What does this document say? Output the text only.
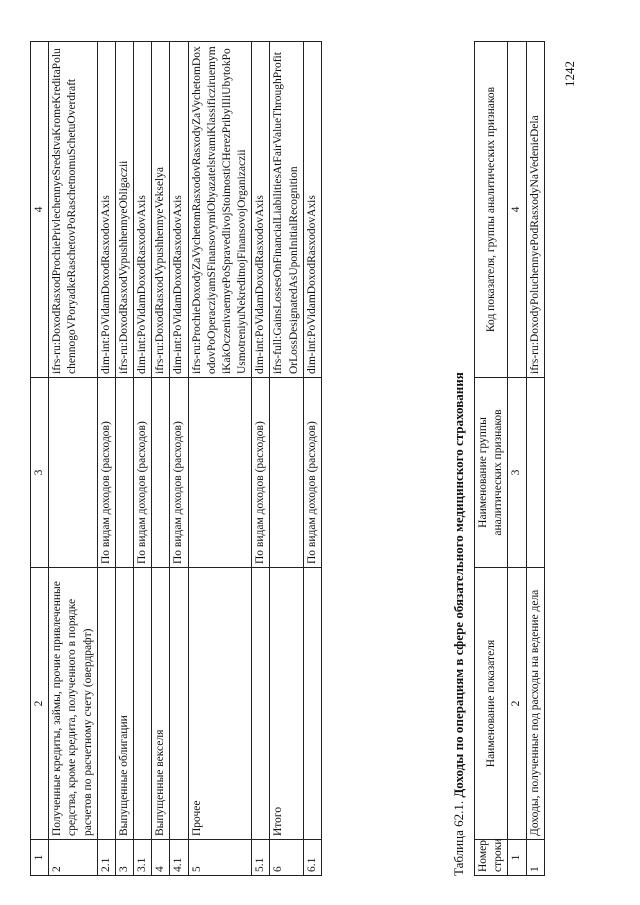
1242
1	2	3	4
2	Полученные кредиты, займы, прочие привлеченные средства, кроме кредита, полученного в порядке расчетов по расчетному счету (овердрафт)		ifrs-ru:DoxodRasxodProchiePrivlechennyeSredstvaKromeKreditaPoluchennogoVPoryadkeRaschetovPoRaschetnomuSchetuOverdraft
2.1		По видам доходов (расходов)	dim-int:PoVidamDoxodRasxodovAxis
3	Выпущенные облигации		ifrs-ru:DoxodRasxodVypushhennyeObligaczii
3.1		По видам доходов (расходов)	dim-int:PoVidamDoxodRasxodovAxis
4	Выпущенные векселя		ifrs-ru:DoxodRasxodVypushhennyeVekselya
4.1		По видам доходов (расходов)	dim-int:PoVidamDoxodRasxodovAxis
5	Прочее		ifrs-ru:ProchieDoxodyZaVychetomRasxodovRasxodyZaVychetomDoxodovPoOperacziyamSFinansovymiObyazatelstvamiKlassificziruemymiKakOczenivaemyePoSpravedlivojStoimostiCHerezPribylIliUbytokPoUsmotreniyuNekreditnojFinansovojOrganizaczii
5.1		По видам доходов (расходов)	dim-int:PoVidamDoxodRasxodovAxis
6	Итого		ifrs-full:GainsLossesOnFinancialLiabilitiesAtFairValueThroughProfitOrLossDesignatedAsUponInitialRecognition
6.1		По видам доходов (расходов)	dim-int:PoVidamDoxodRasxodovAxis
Таблица 62.1. Доходы по операциям в сфере обязательного медицинского страхования
Номер строки	Наименование показателя	Наименование группы аналитических признаков	Код показателя, группы аналитических признаков
1	2	3	4
1	Доходы, полученные под расходы на ведение дела		ifrs-ru:DoxodyPoluchennyePodRasxodyNaVedenieDela
